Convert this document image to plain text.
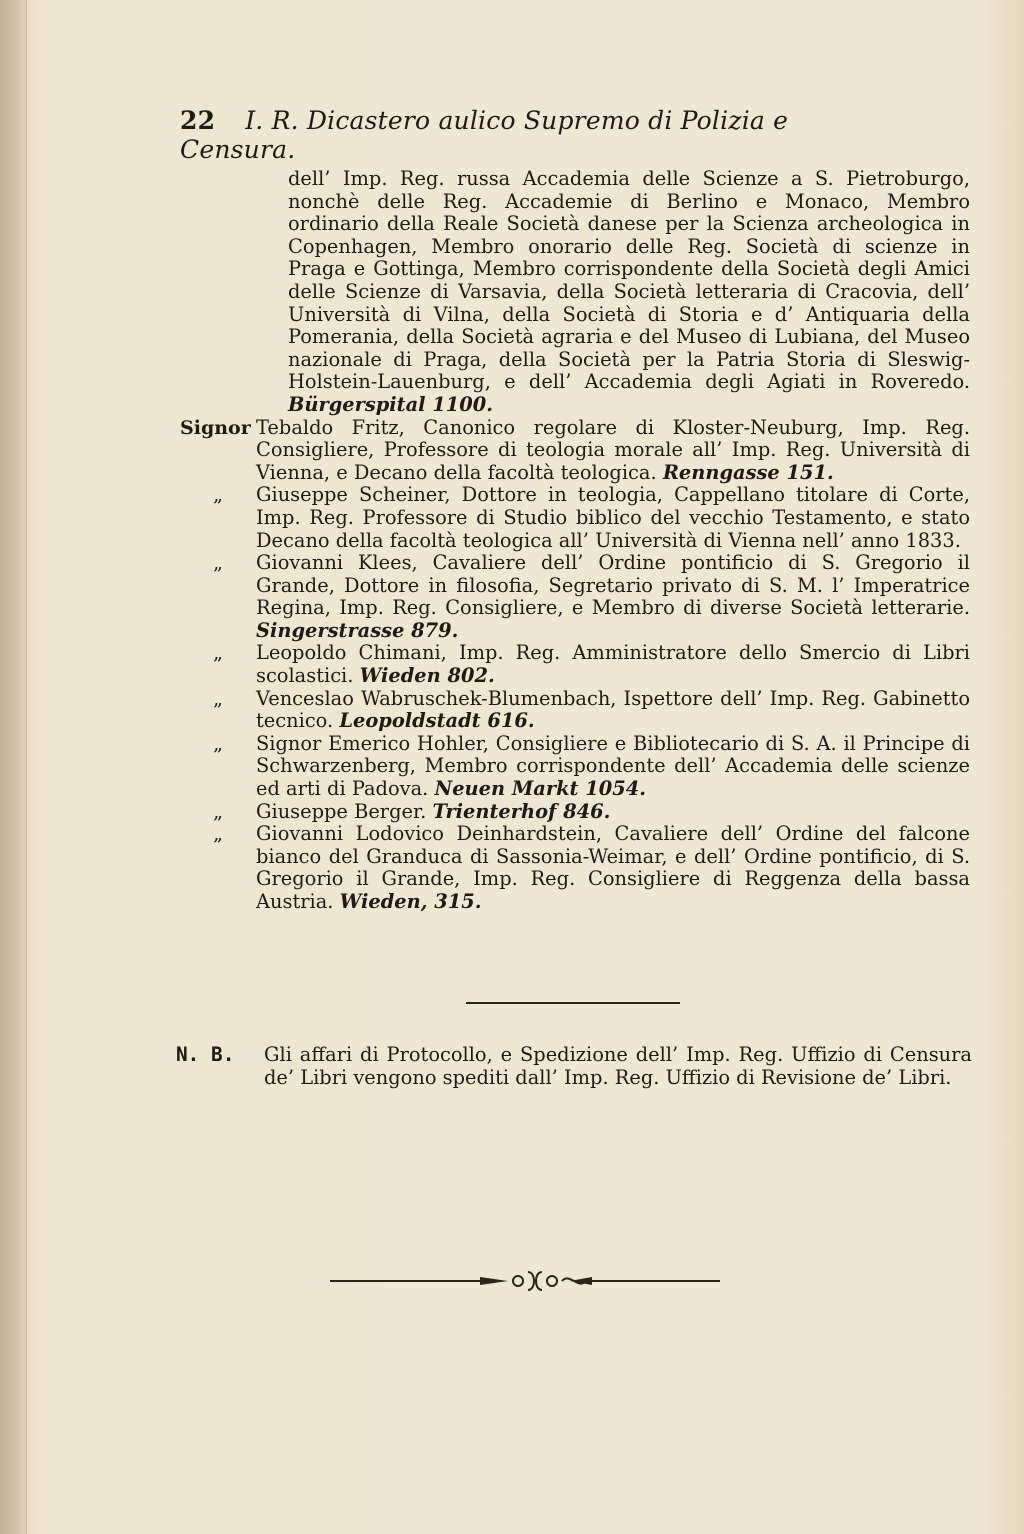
22 I. R. Dicastero aulico Supremo di Polizia e Censura.

dell’ Imp. Reg. russa Accademia delle Scienze a S. Pietroburgo, nonchè delle Reg. Accademie di Berlino e Monaco, Membro ordinario della Reale Società danese per la Scienza archeologica in Copenhagen, Membro onorario delle Reg. Società di scienze in Praga e Gottinga, Membro corrispondente della Società degli Amici delle Scienze di Varsavia, della Società letteraria di Cracovia, dell’ Università di Vilna, della Società di Storia e d’ Antiquaria della Pomerania, della Società agraria e del Museo di Lubiana, del Museo nazionale di Praga, della Società per la Patria Storia di Sleswig-Holstein-Lauenburg, e dell’ Accademia degli Agiati in Roveredo. Bürgerspital 1100.

Signor Tebaldo Fritz, Canonico regolare di Kloster-Neuburg, Imp. Reg. Consigliere, Professore di teologia morale all’ Imp. Reg. Università di Vienna, e Decano della facoltà teologica. Renngasse 151.
„	Giuseppe Scheiner, Dottore in teologia, Cappellano titolare di Corte, Imp. Reg. Professore di Studio biblico del vecchio Testamento, e stato Decano della facoltà teologica all’ Università di Vienna nell’ anno 1833.
„	Giovanni Klees, Cavaliere dell’ Ordine pontificio di S. Gregorio il Grande, Dottore in filosofia, Segretario privato di S. M. l’ Imperatrice Regina, Imp. Reg. Consigliere, e Membro di diverse Società letterarie. Singerstrasse 879.
„	Leopoldo Chimani, Imp. Reg. Amministratore dello Smercio di Libri scolastici. Wieden 802.
„	Venceslao Wabruschek-Blumenbach, Ispettore dell’ Imp. Reg. Gabinetto tecnico. Leopoldstadt 616.
„	Signor Emerico Hohler, Consigliere e Bibliotecario di S. A. il Principe di Schwarzenberg, Membro corrispondente dell’ Accademia delle scienze ed arti di Padova. Neuen Markt 1054.
„	Giuseppe Berger. Trienterhof 846.
„	Giovanni Lodovico Deinhardstein, Cavaliere dell’ Ordine del falcone bianco del Granduca di Sassonia-Weimar, e dell’ Ordine pontificio, di S. Gregorio il Grande, Imp. Reg. Consigliere di Reggenza della bassa Austria. Wieden, 315.
N. B.	Gli affari di Protocollo, e Spedizione dell’ Imp. Reg. Uffizio di Censura de’ Libri vengono spediti dall’ Imp. Reg. Uffizio di Revisione de’ Libri.
